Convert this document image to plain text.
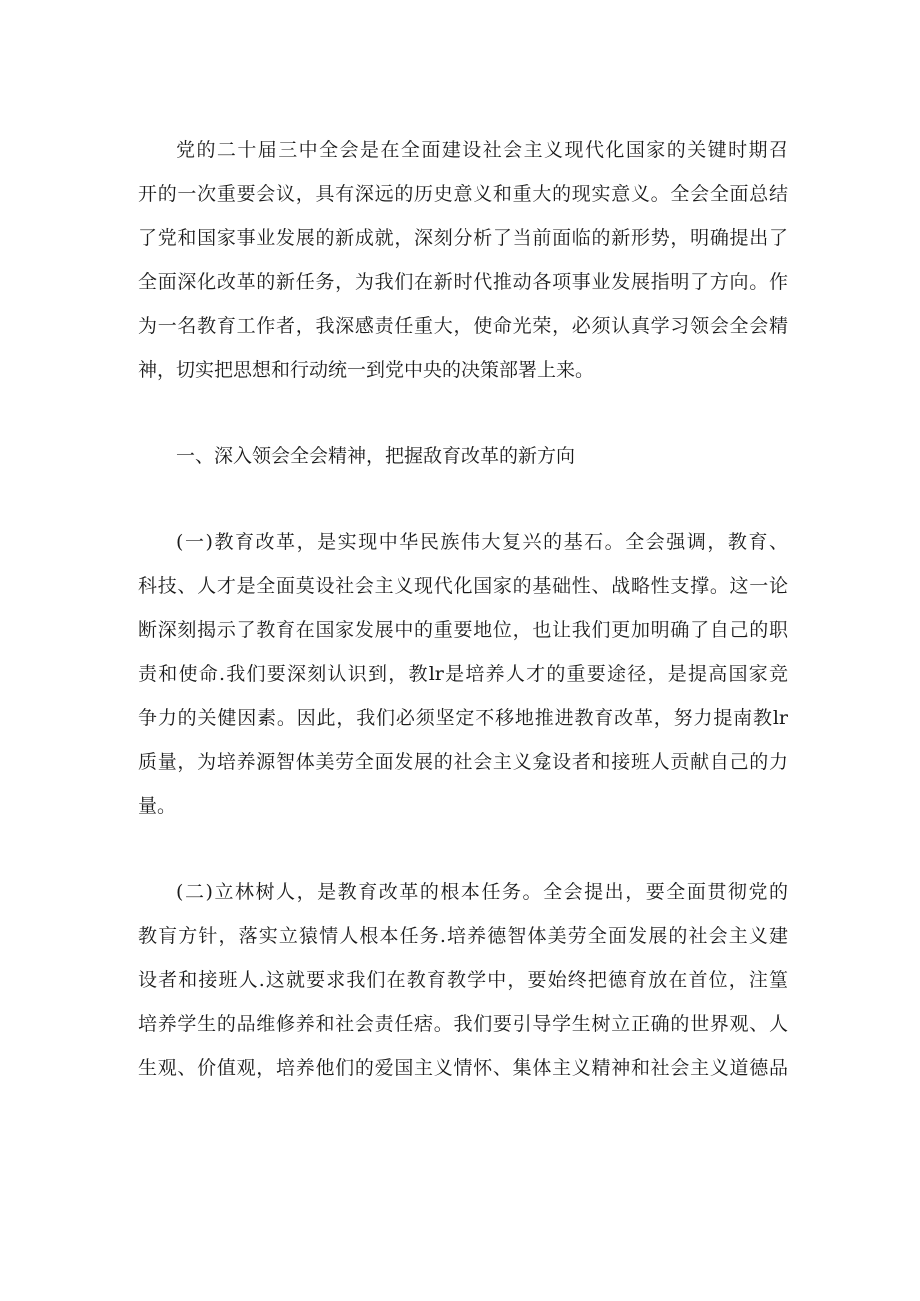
党的二十届三中全会是在全面建设社会主义现代化国家的关键时期召
开的一次重要会议，具有深远的历史意义和重大的现实意义。全会全面总结
了党和国家事业发展的新成就，深刻分析了当前面临的新形势，明确提出了
全面深化改革的新任务，为我们在新时代推动各项事业发展指明了方向。作
为一名教育工作者，我深感责任重大，使命光荣，必须认真学习领会全会精
神，切实把思想和行动统一到党中央的决策部署上来。
一、深入领会全会精神，把握敌育改革的新方向
(一)教育改革，是实现中华民族伟大复兴的基石。全会强调，教育、
科技、人才是全面莫设社会主义现代化国家的基础性、战略性支撑。这一论
断深刻揭示了教育在国家发展中的重要地位，也让我们更加明确了自己的职
责和使命.我们要深刻认识到，教lr是培养人才的重要途径，是提高国家竞
争力的关健因素。因此，我们必须坚定不移地推进教育改革，努力提南教lr
质量，为培养源智体美劳全面发展的社会主义龛设者和接班人贡献自己的力
量。
(二)立林树人，是教育改革的根本任务。全会提出，要全面贯彻党的
教肓方针，落实立猿情人根本任务.培养德智体美劳全面发展的社会主义建
设者和接班人.这就要求我们在教育教学中，要始终把德育放在首位，注篁
培养学生的品维修养和社会责任痞。我们要引导学生树立正确的世界观、人
生观、价值观，培养他们的爱国主义情怀、集体主义精神和社会主义道德品
